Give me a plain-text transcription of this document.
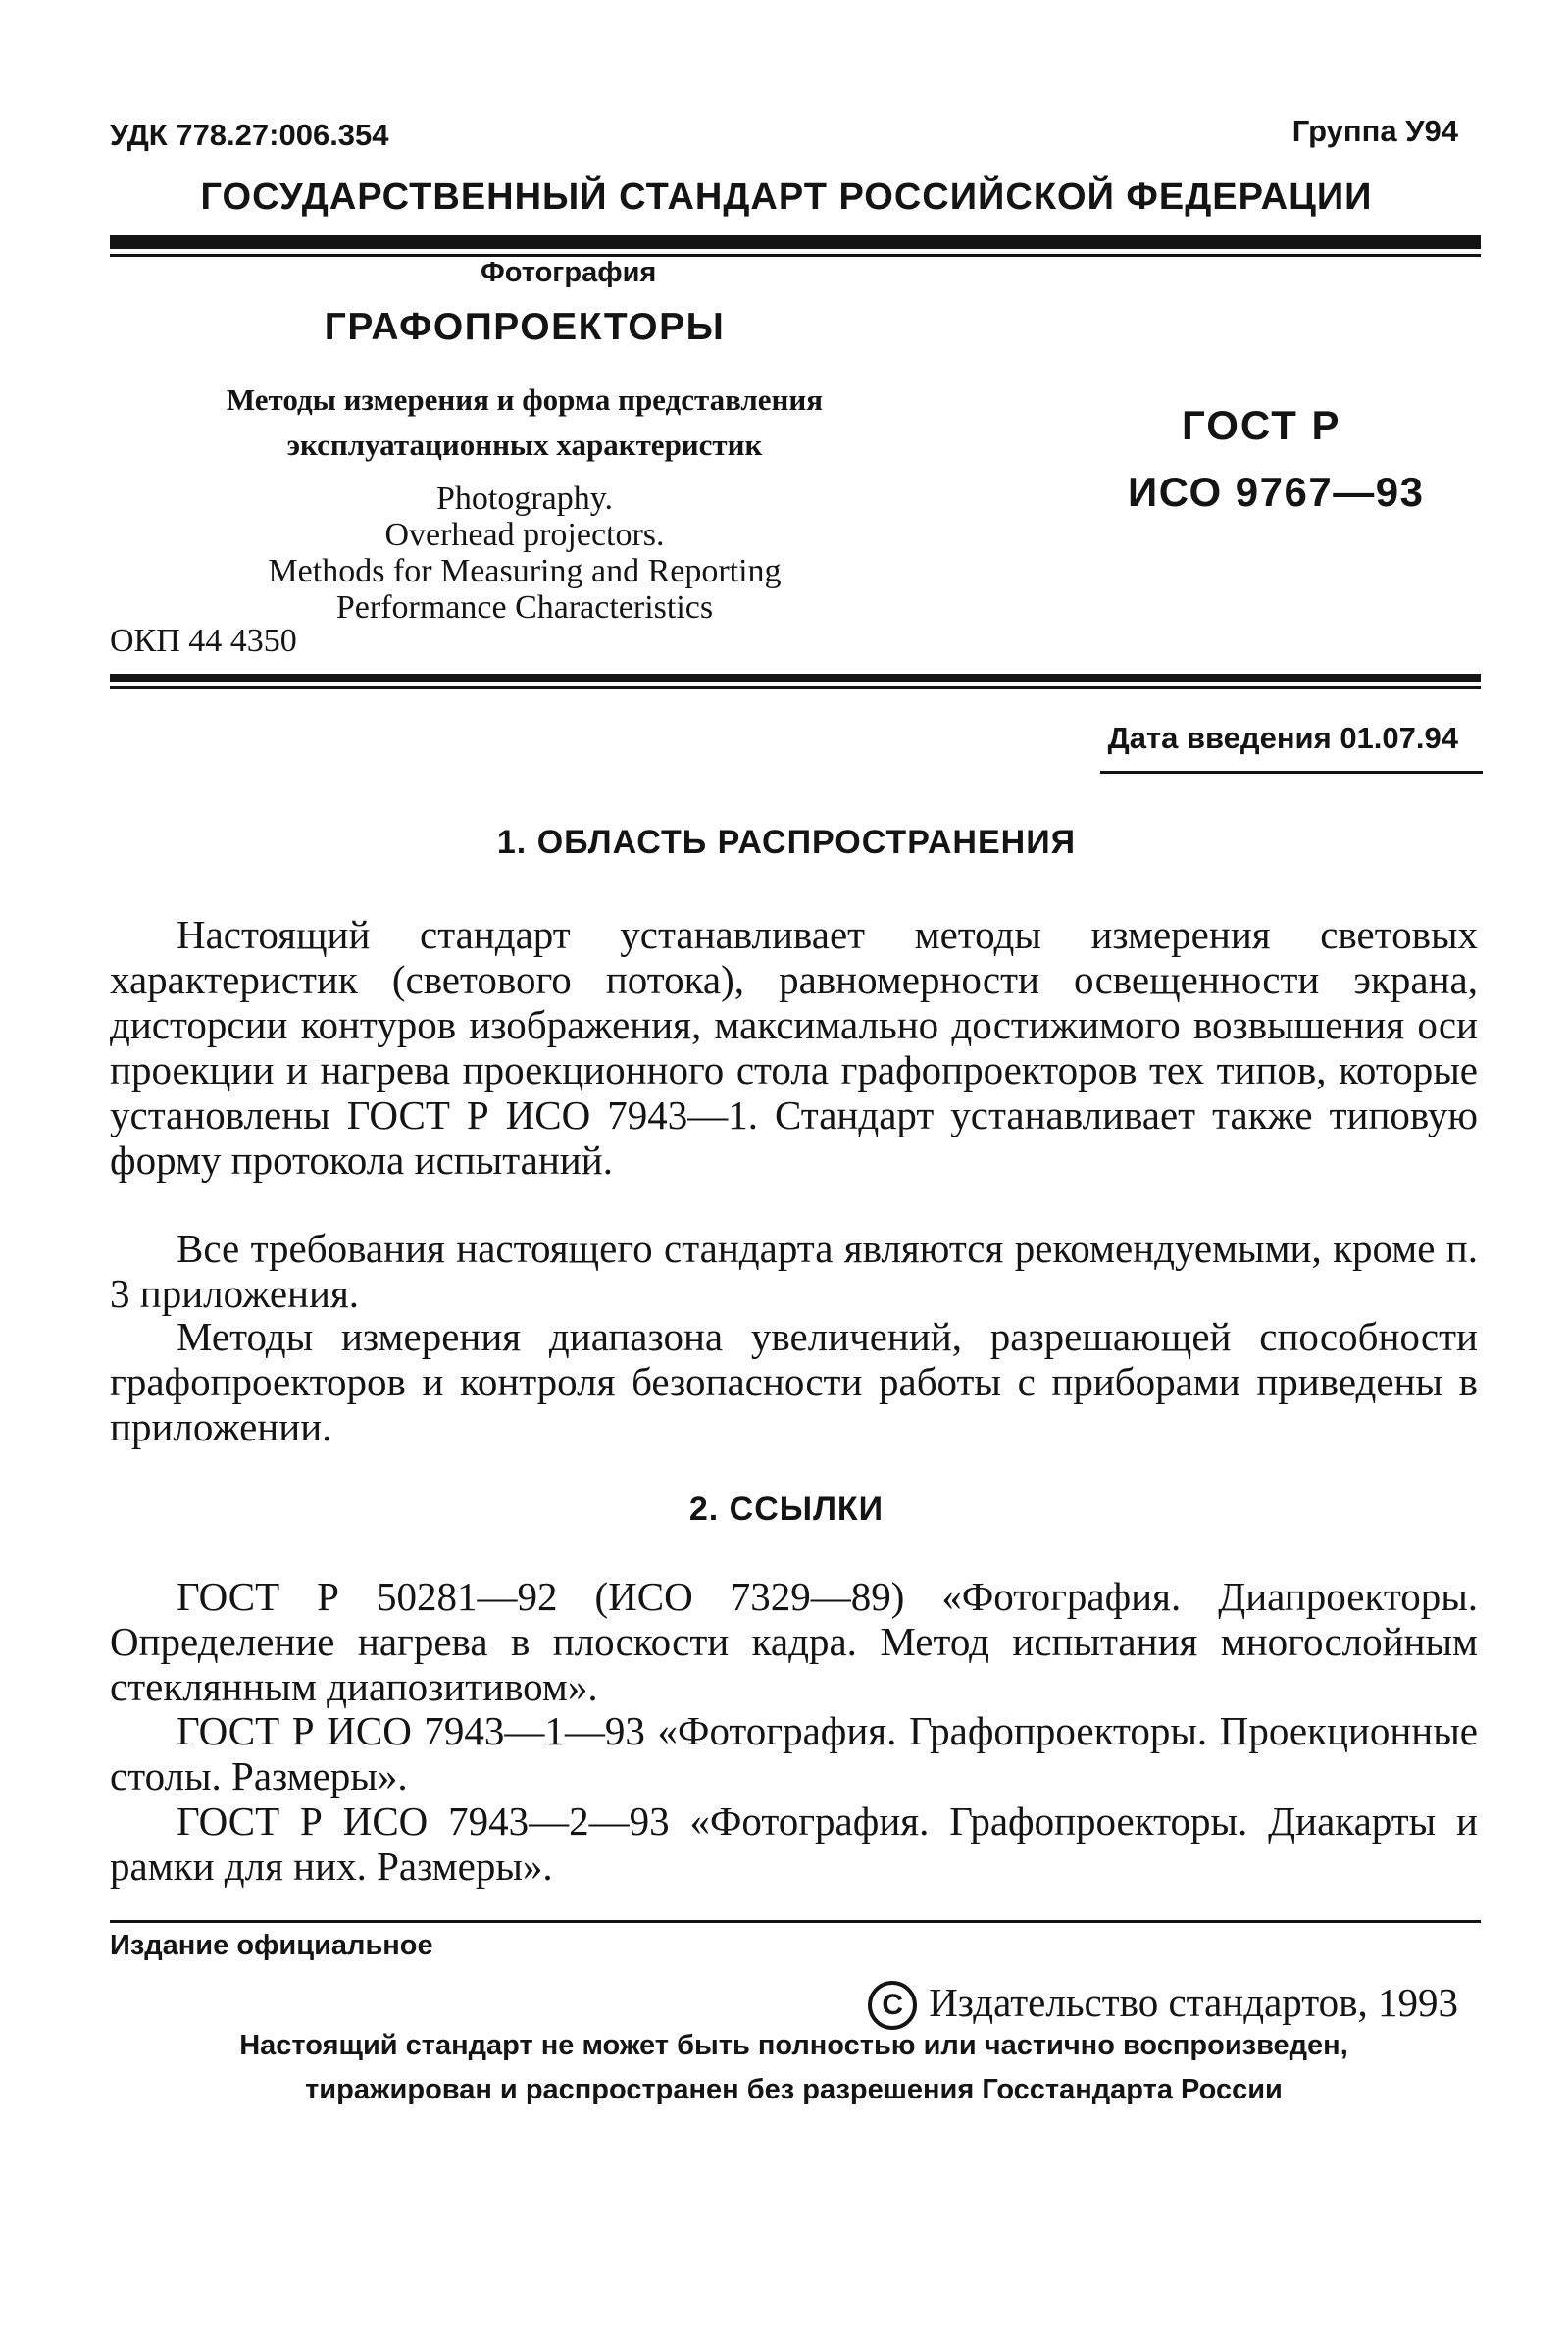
УДК 778.27:006.354	Группа У94
ГОСУДАРСТВЕННЫЙ СТАНДАРТ РОССИЙСКОЙ ФЕДЕРАЦИИ
Фотография
ГРАФОПРОЕКТОРЫ
Методы измерения и форма представления
эксплуатационных характеристик
Photography.
Overhead projectors.
Methods for Measuring and Reporting
Performance Characteristics
ОКП 44 4350
ГОСТ Р
ИСО 9767—93
Дата введения 01.07.94
1. ОБЛАСТЬ РАСПРОСТРАНЕНИЯ

Настоящий стандарт устанавливает методы измерения световых характеристик (светового потока), равномерности освещенности экрана, дисторсии контуров изображения, максимально достижимого возвышения оси проекции и нагрева проекционного стола графопроекторов тех типов, которые установлены ГОСТ Р ИСО 7943—1. Стандарт устанавливает также типовую форму протокола испытаний.

Все требования настоящего стандарта являются рекомендуемыми, кроме п. 3 приложения.

Методы измерения диапазона увеличений, разрешающей способности графопроекторов и контроля безопасности работы с приборами приведены в приложении.

2. ССЫЛКИ

ГОСТ Р 50281—92 (ИСО 7329—89) «Фотография. Диапроекторы. Определение нагрева в плоскости кадра. Метод испытания многослойным стеклянным диапозитивом».

ГОСТ Р ИСО 7943—1—93 «Фотография. Графопроекторы. Проекционные столы. Размеры».

ГОСТ Р ИСО 7943—2—93 «Фотография. Графопроекторы. Диакарты и рамки для них. Размеры».

Издание официальное
C Издательство стандартов, 1993
Настоящий стандарт не может быть полностью или частично воспроизведен,
тиражирован и распространен без разрешения Госстандарта России
